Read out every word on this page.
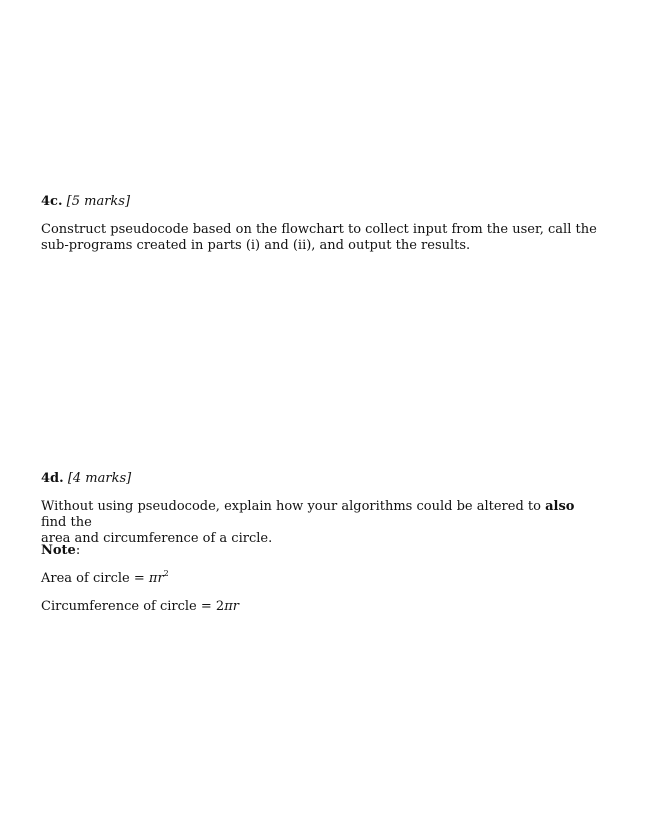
4c. [5 marks]

Construct pseudocode based on the flowchart to collect input from the user, call the

sub-programs created in parts (i) and (ii), and output the results.

4d. [4 marks]

Without using pseudocode, explain how your algorithms could be altered to also find the

area and circumference of a circle.

Note:

Area of circle = $\pi r^2$

Circumference of circle = 2πr
